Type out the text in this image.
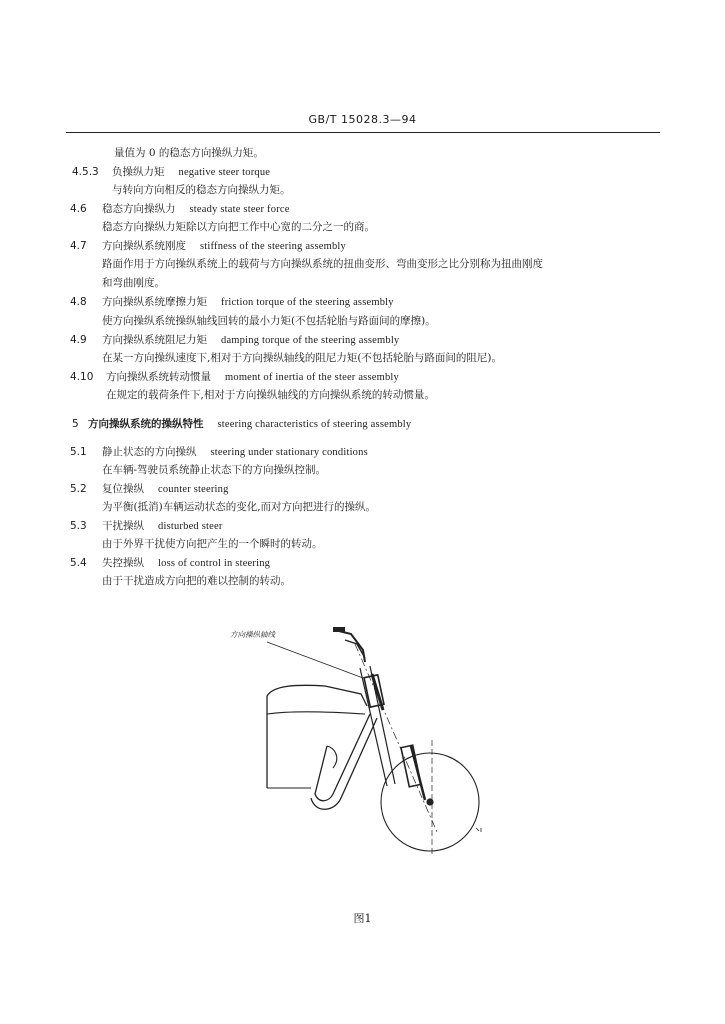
GB/T 15028.3—94
量值为 0 的稳态方向操纵力矩。
4.5.3 负操纵力矩 negative steer torque
与转向方向相反的稳态方向操纵力矩。
4.6 稳态方向操纵力 steady state steer force
稳态方向操纵力矩除以方向把工作中心宽的二分之一的商。
4.7 方向操纵系统刚度 stiffness of the steering assembly
路面作用于方向操纵系统上的载荷与方向操纵系统的扭曲变形、弯曲变形之比分别称为扭曲刚度
和弯曲刚度。
4.8 方向操纵系统摩擦力矩 friction torque of the steering assembly
使方向操纵系统操纵轴线回转的最小力矩(不包括轮胎与路面间的摩擦)。
4.9 方向操纵系统阻尼力矩 damping torque of the steering assembly
在某一方向操纵速度下,相对于方向操纵轴线的阻尼力矩(不包括轮胎与路面间的阻尼)。
4.10 方向操纵系统转动惯量 moment of inertia of the steer assembly
在规定的载荷条件下,相对于方向操纵轴线的方向操纵系统的转动惯量。
5 方向操纵系统的操纵特性 steering characteristics of steering assembly
5.1 静止状态的方向操纵 steering under stationary conditions
在车辆-驾驶员系统静止状态下的方向操纵控制。
5.2 复位操纵 counter steering
为平衡(抵消)车辆运动状态的变化,而对方向把进行的操纵。
5.3 干扰操纵 disturbed steer
由于外界干扰使方向把产生的一个瞬时的转动。
5.4 失控操纵 loss of control in steering
由于干扰造成方向把的难以控制的转动。
方向操纵轴线
图1
